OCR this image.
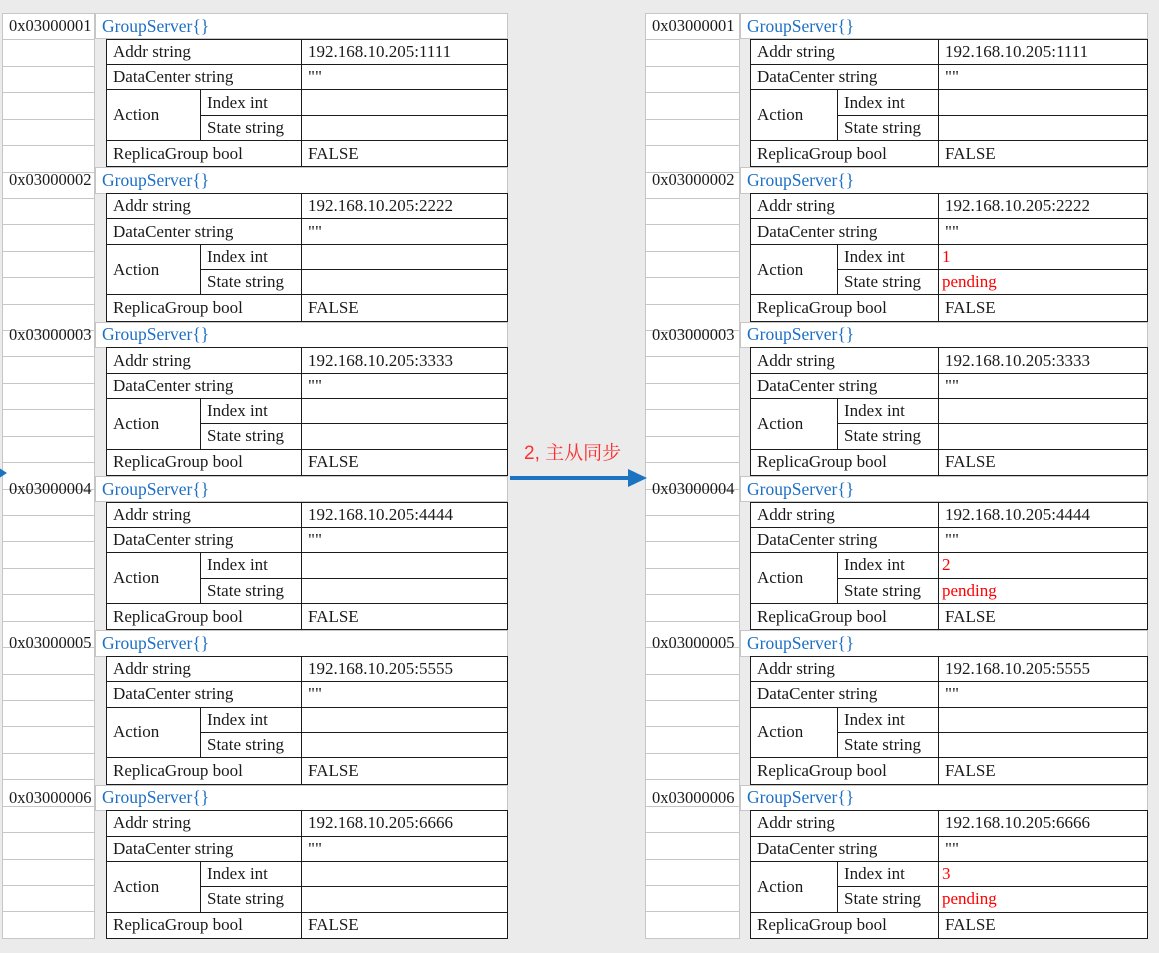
0x03000001 GroupServer{}
Addr string	192.168.10.205:1111
DataCenter string	""
Action
Index int
State string
ReplicaGroup bool	FALSE
0x03000002 GroupServer{}
Addr string	192.168.10.205:2222
DataCenter string	""
Action
Index int
State string
ReplicaGroup bool	FALSE
0x03000003 GroupServer{}
Addr string	192.168.10.205:3333
DataCenter string	""
Action
Index int
State string
ReplicaGroup bool	FALSE
0x03000004 GroupServer{}
Addr string	192.168.10.205:4444
DataCenter string	""
Action
Index int
State string
ReplicaGroup bool	FALSE
0x03000005 GroupServer{}
Addr string	192.168.10.205:5555
DataCenter string	""
Action
Index int
State string
ReplicaGroup bool	FALSE
0x03000006 GroupServer{}
Addr string	192.168.10.205:6666
DataCenter string	""
Action
Index int
State string
ReplicaGroup bool	FALSE
0x03000001 GroupServer{}
Addr string	192.168.10.205:1111
DataCenter string	""
Action
Index int
State string
ReplicaGroup bool	FALSE
0x03000002 GroupServer{}
Addr string	192.168.10.205:2222
DataCenter string	""
Action
Index int	1
State string	pending
ReplicaGroup bool	FALSE
0x03000003 GroupServer{}
Addr string	192.168.10.205:3333
DataCenter string	""
Action
Index int
State string
ReplicaGroup bool	FALSE
0x03000004 GroupServer{}
Addr string	192.168.10.205:4444
DataCenter string	""
Action
Index int	2
State string	pending
ReplicaGroup bool	FALSE
0x03000005 GroupServer{}
Addr string	192.168.10.205:5555
DataCenter string	""
Action
Index int
State string
ReplicaGroup bool	FALSE
0x03000006 GroupServer{}
Addr string	192.168.10.205:6666
DataCenter string	""
Action
Index int	3
State string	pending
ReplicaGroup bool	FALSE
2, 主从同步
